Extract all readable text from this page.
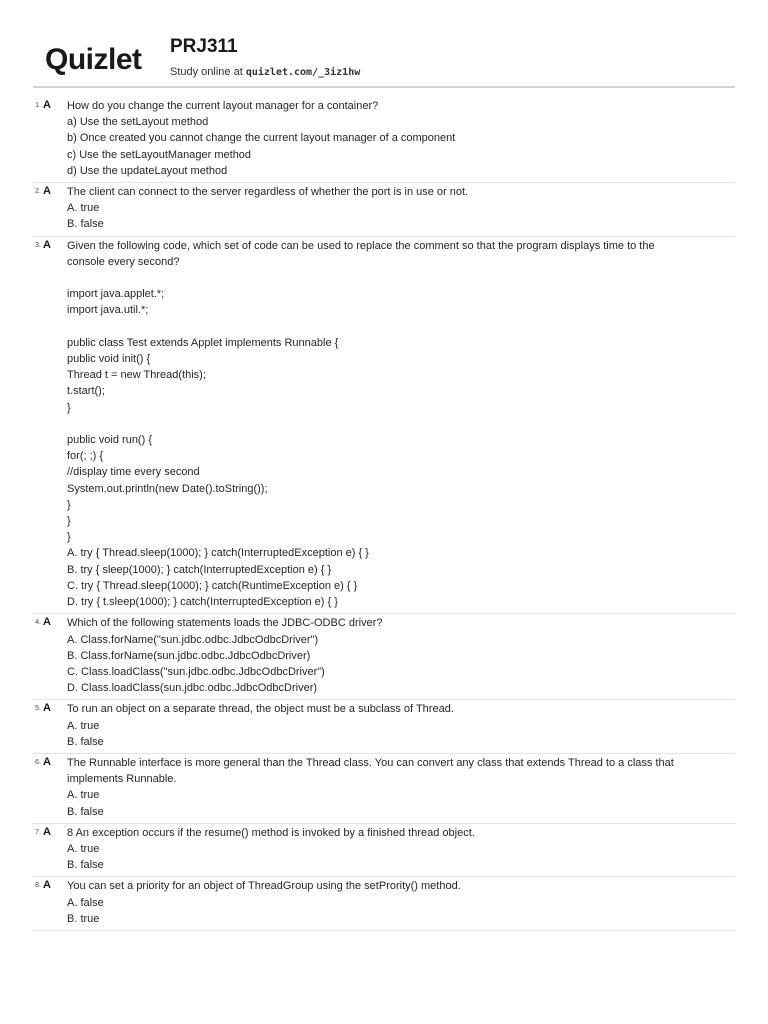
Quizlet PRJ311
Study online at quizlet.com/_3iz1hw
1. A How do you change the current layout manager for a container?
a) Use the setLayout method
b) Once created you cannot change the current layout manager of a component
c) Use the setLayoutManager method
d) Use the updateLayout method
2. A The client can connect to the server regardless of whether the port is in use or not.
A. true
B. false
3. A Given the following code, which set of code can be used to replace the comment so that the program displays time to the
console every second?

import java.applet.*;
import java.util.*;

public class Test extends Applet implements Runnable {
public void init() {
Thread t = new Thread(this);
t.start();
}

public void run() {
for(; ;) {
//display time every second
System.out.println(new Date().toString());
}
}
}
A. try { Thread.sleep(1000); } catch(InterruptedException e) { }
B. try { sleep(1000); } catch(InterruptedException e) { }
C. try { Thread.sleep(1000); } catch(RuntimeException e) { }
D. try { t.sleep(1000); } catch(InterruptedException e) { }
4. A Which of the following statements loads the JDBC-ODBC driver?
A. Class.forName("sun.jdbc.odbc.JdbcOdbcDriver")
B. Class.forName(sun.jdbc.odbc.JdbcOdbcDriver)
C. Class.loadClass("sun.jdbc.odbc.JdbcOdbcDriver")
D. Class.loadClass(sun.jdbc.odbc.JdbcOdbcDriver)
5. A To run an object on a separate thread, the object must be a subclass of Thread.
A. true
B. false
6. A The Runnable interface is more general than the Thread class. You can convert any class that extends Thread to a class that
implements Runnable.
A. true
B. false
7. A 8 An exception occurs if the resume() method is invoked by a finished thread object.
A. true
B. false
8. A You can set a priority for an object of ThreadGroup using the setPrority() method.
A. false
B. true
